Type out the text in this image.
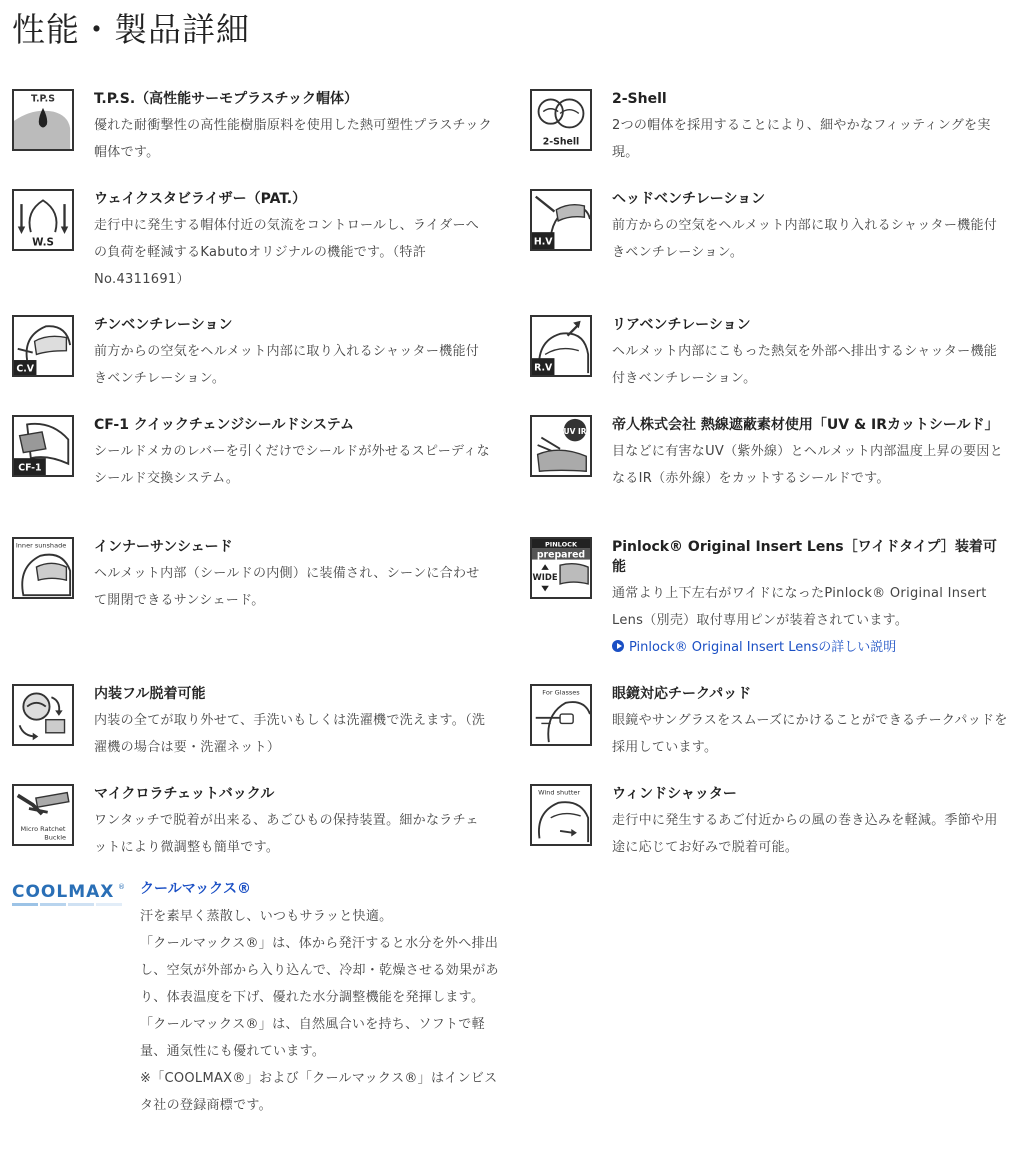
性能・製品詳細
T.P.S	T.P.S.（高性能サーモプラスチック帽体）

優れた耐衝撃性の高性能樹脂原料を使用した熱可塑性プラスチック帽体です。

W.S

ウェイクスタビライザー（PAT.）

走行中に発生する帽体付近の気流をコントロールし、ライダーへの負荷を軽減するKabutoオリジナルの機能です。（特許No.4311691）

C.V

チンベンチレーション

前方からの空気をヘルメット内部に取り入れるシャッター機能付きベンチレーション。

CF-1

CF-1 クイックチェンジシールドシステム

シールドメカのレバーを引くだけでシールドが外せるスピーディなシールド交換システム。

Inner sunshade インナーサンシェード

ヘルメット内部（シールドの内側）に装備され、シーンに合わせて開閉できるサンシェード。

内装フル脱着可能

内装の全てが取り外せて、手洗いもしくは洗濯機で洗えます。（洗濯機の場合は要・洗濯ネット）

Micro Ratchet
Buckle

マイクロラチェットバックル

ワンタッチで脱着が出来る、あごひもの保持装置。細かなラチェットにより微調整も簡単です。

2-Shell

2-Shell

2つの帽体を採用することにより、細やかなフィッティングを実現。

H.V

ヘッドベンチレーション

前方からの空気をヘルメット内部に取り入れるシャッター機能付きベンチレーション。

R.V

リアベンチレーション

ヘルメット内部にこもった熱気を外部へ排出するシャッター機能付きベンチレーション。

UV IR 帝人株式会社 熱線遮蔽素材使用「UV & IRカットシールド」

目などに有害なUV（紫外線）とヘルメット内部温度上昇の要因となるIR（赤外線）をカットするシールドです。

PINLOCK
prepared
WIDE

Pinlock® Original Insert Lens［ワイドタイプ］装着可能

通常より上下左右がワイドになったPinlock® Original Insert Lens（別売）取付専用ピンが装着されています。

Pinlock® Original Insert Lensの詳しい説明

For Glasses 眼鏡対応チークパッド

眼鏡やサングラスをスムーズにかけることができるチークパッドを採用しています。

Wind shutter ウィンドシャッター

走行中に発生するあご付近からの風の巻き込みを軽減。季節や用途に応じてお好みで脱着可能。

COOLMAX ® クールマックス®

汗を素早く蒸散し、いつもサラッと快適。

「クールマックス®」は、体から発汗すると水分を外へ排出し、空気が外部から入り込んで、冷却・乾燥させる効果があり、体表温度を下げ、優れた水分調整機能を発揮します。

「クールマックス®」は、自然風合いを持ち、ソフトで軽量、通気性にも優れています。

※「COOLMAX®」および「クールマックス®」はインビスタ社の登録商標です。
